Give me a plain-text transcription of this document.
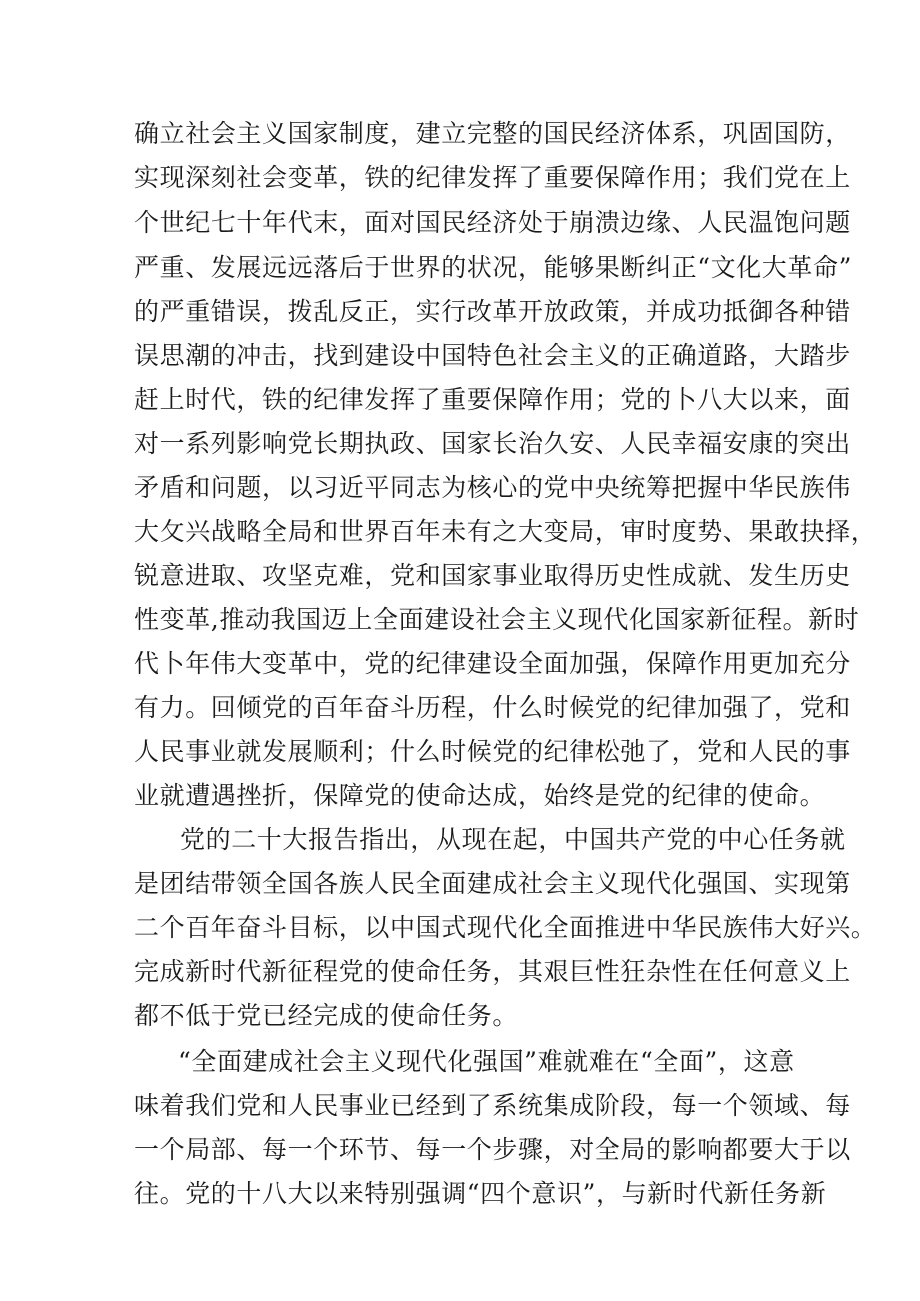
确立社会主义国家制度，建立完整的国民经济体系，巩固国防，
实现深刻社会变革，铁的纪律发挥了重要保障作用；我们党在上
个世纪七十年代末，面对国民经济处于崩溃边缘、人民温饱问题
严重、发展远远落后于世界的状况，能够果断纠正“文化大革命”
的严重错误，拨乱反正，实行改革开放政策，并成功抵御各种错
误思潮的冲击，找到建设中国特色社会主义的正确道路，大踏步
赶上时代，铁的纪律发挥了重要保障作用；党的卜八大以来，面
对一系列影响党长期执政、国家长治久安、人民幸福安康的突出
矛盾和问题，以习近平同志为核心的党中央统筹把握中华民族伟
大攵兴战略全局和世界百年未有之大变局，审时度势、果敢抉择，
锐意进取、攻坚克难，党和国家事业取得历史性成就、发生历史
性变革,推动我国迈上全面建设社会主义现代化国家新征程。新时
代卜年伟大变革中，党的纪律建设全面加强，保障作用更加充分
有力。回倾党的百年奋斗历程，什么时候党的纪律加强了，党和
人民事业就发展顺利；什么时候党的纪律松弛了，党和人民的事
业就遭遇挫折，保障党的使命达成，始终是党的纪律的使命。
党的二十大报告指出，从现在起，中国共产党的中心任务就
是团结带领全国各族人民全面建成社会主义现代化强国、实现第
二个百年奋斗目标，以中国式现代化全面推进中华民族伟大好兴。
完成新时代新征程党的使命任务，其艰巨性狂杂性在任何意义上
都不低于党已经完成的使命任务。
“全面建成社会主义现代化强国”难就难在“全面”，这意
味着我们党和人民事业已经到了系统集成阶段，每一个领域、每
一个局部、每一个环节、每一个步骤，对全局的影响都要大于以
往。党的十八大以来特别强调“四个意识”，与新时代新任务新
